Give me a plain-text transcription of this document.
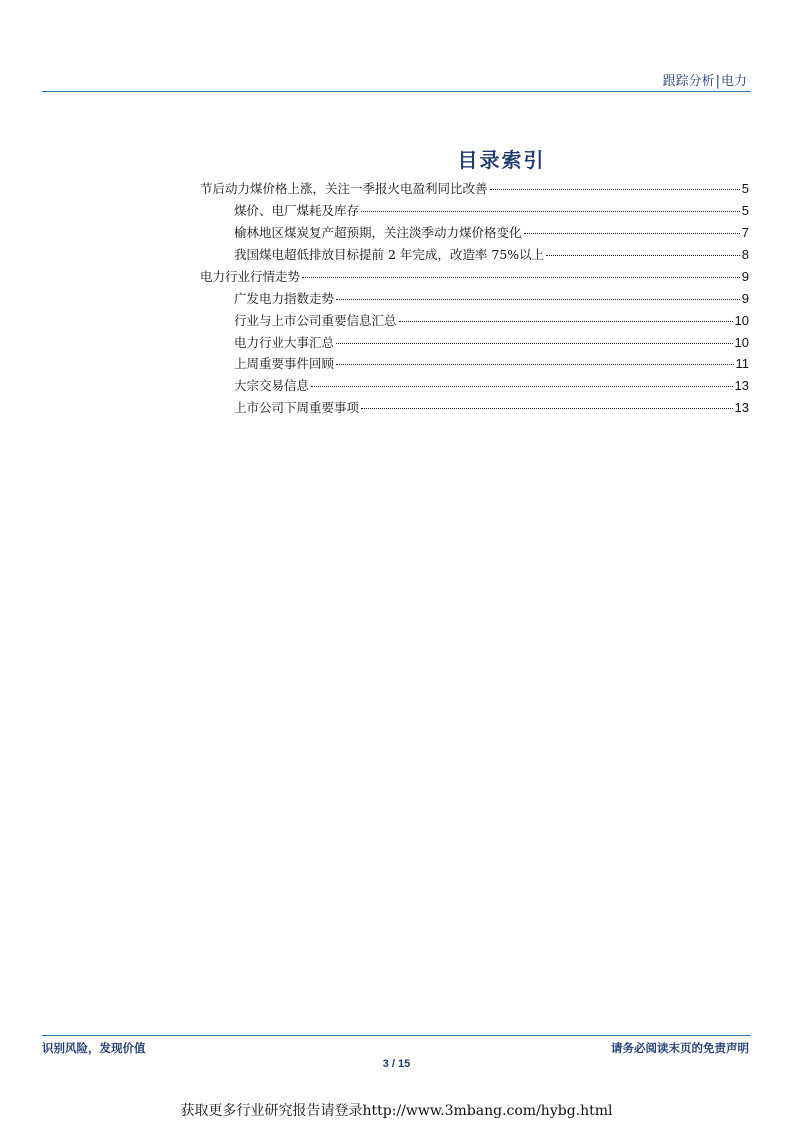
跟踪分析|电力
目录索引
节后动力煤价格上涨，关注一季报火电盈利同比改善	5
煤价、电厂煤耗及库存	5
榆林地区煤炭复产超预期，关注淡季动力煤价格变化	7
我国煤电超低排放目标提前 2 年完成，改造率 75%以上	8
电力行业行情走势	9
广发电力指数走势	9
行业与上市公司重要信息汇总	10
电力行业大事汇总	10
上周重要事件回顾	11
大宗交易信息	13
上市公司下周重要事项	13
识别风险，发现价值	请务必阅读末页的免责声明
3 / 15
获取更多行业研究报告请登录http://www.3mbang.com/hybg.html
